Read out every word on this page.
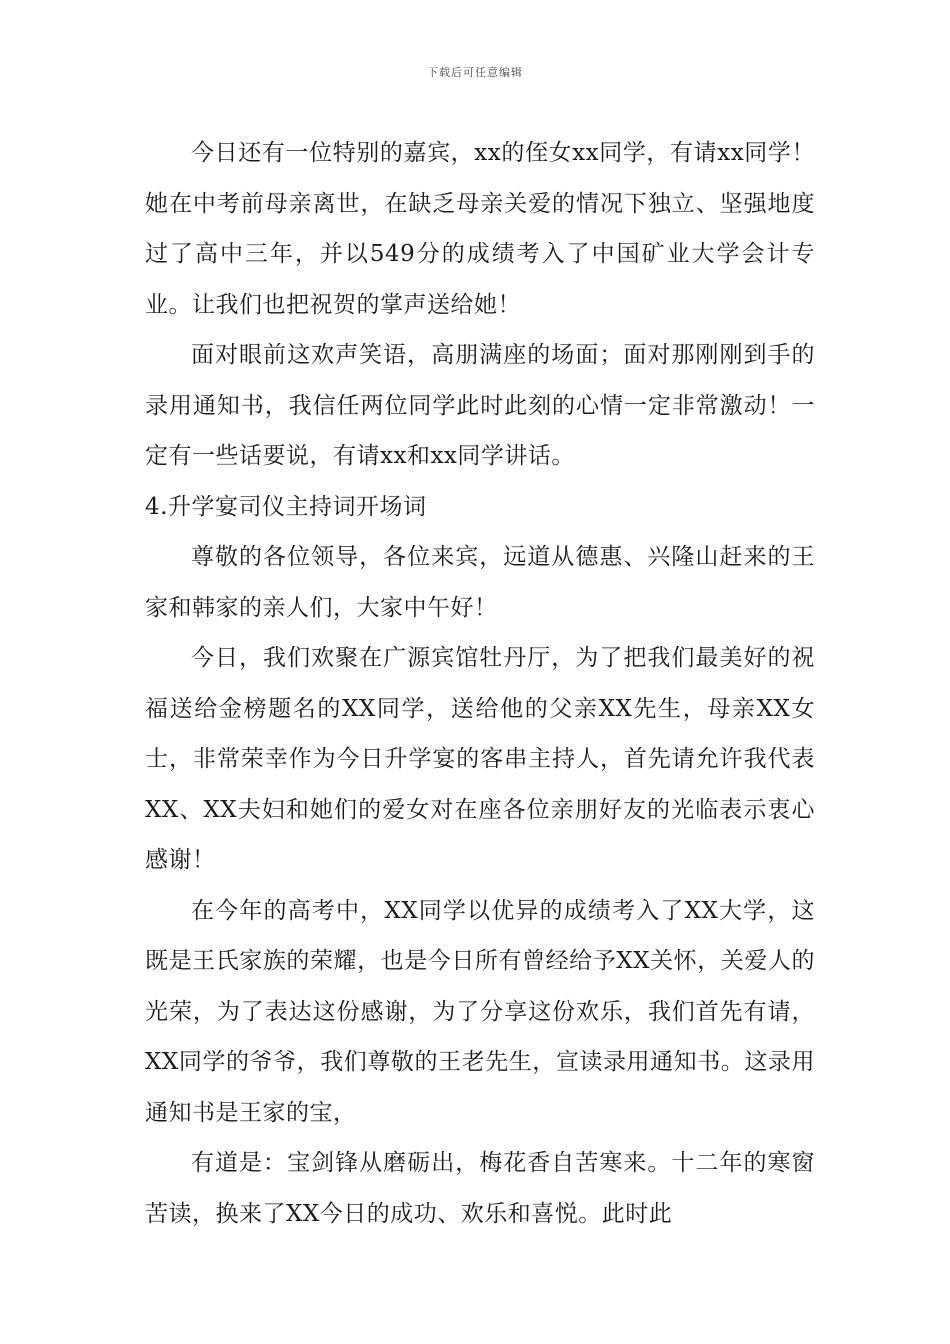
下载后可任意编辑

今日还有一位特别的嘉宾，xx的侄女xx同学，有请xx同学！她在中考前母亲离世，在缺乏母亲关爱的情况下独立、坚强地度过了高中三年，并以549分的成绩考入了中国矿业大学会计专业。让我们也把祝贺的掌声送给她！

面对眼前这欢声笑语，高朋满座的场面；面对那刚刚到手的录用通知书，我信任两位同学此时此刻的心情一定非常激动！一定有一些话要说，有请xx和xx同学讲话。

4.升学宴司仪主持词开场词

尊敬的各位领导，各位来宾，远道从德惠、兴隆山赶来的王家和韩家的亲人们，大家中午好！

今日，我们欢聚在广源宾馆牡丹厅，为了把我们最美好的祝福送给金榜题名的XX同学，送给他的父亲XX先生，母亲XX女士，非常荣幸作为今日升学宴的客串主持人，首先请允许我代表XX、XX夫妇和她们的爱女对在座各位亲朋好友的光临表示衷心感谢！

在今年的高考中，XX同学以优异的成绩考入了XX大学，这既是王氏家族的荣耀，也是今日所有曾经给予XX关怀，关爱人的光荣，为了表达这份感谢，为了分享这份欢乐，我们首先有请，XX同学的爷爷，我们尊敬的王老先生，宣读录用通知书。这录用通知书是王家的宝，

有道是：宝剑锋从磨砺出，梅花香自苦寒来。十二年的寒窗苦读，换来了XX今日的成功、欢乐和喜悦。此时此
